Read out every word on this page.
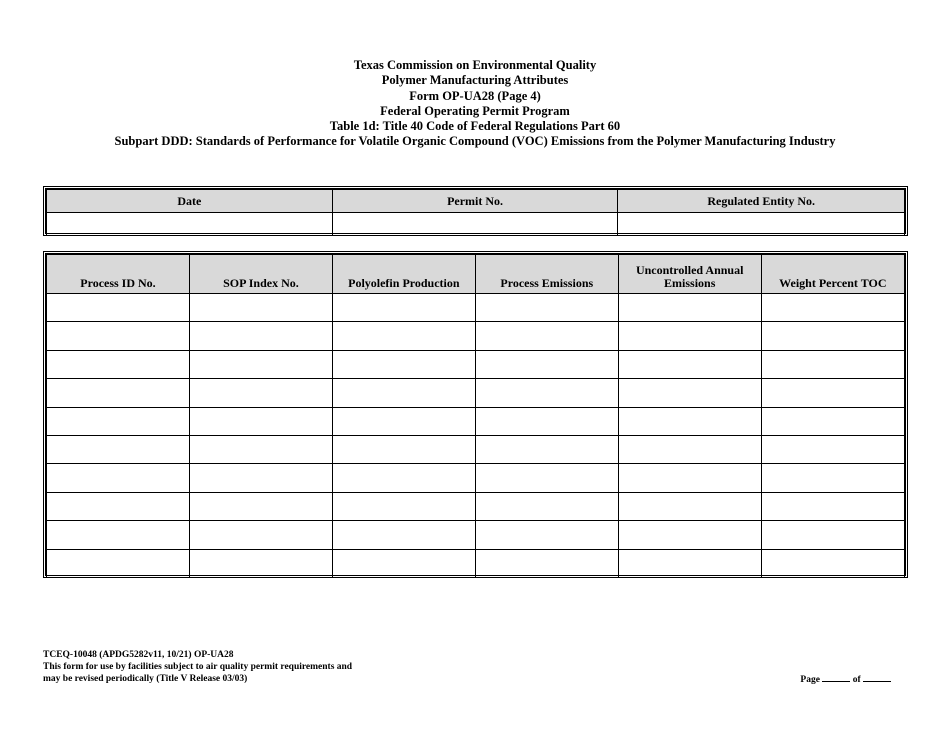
Texas Commission on Environmental Quality
Polymer Manufacturing Attributes
Form OP-UA28 (Page 4)
Federal Operating Permit Program
Table 1d: Title 40 Code of Federal Regulations Part 60
Subpart DDD: Standards of Performance for Volatile Organic Compound (VOC) Emissions from the Polymer Manufacturing Industry
Date	Permit No.	Regulated Entity No.

Process ID No.	SOP Index No.	Polyolefin Production	Process Emissions	Uncontrolled Annual Emissions	Weight Percent TOC

TCEQ-10048 (APDG5282v11, 10/21) OP-UA28
This form for use by facilities subject to air quality permit requirements and
may be revised periodically (Title V Release 03/03)	Page	of
